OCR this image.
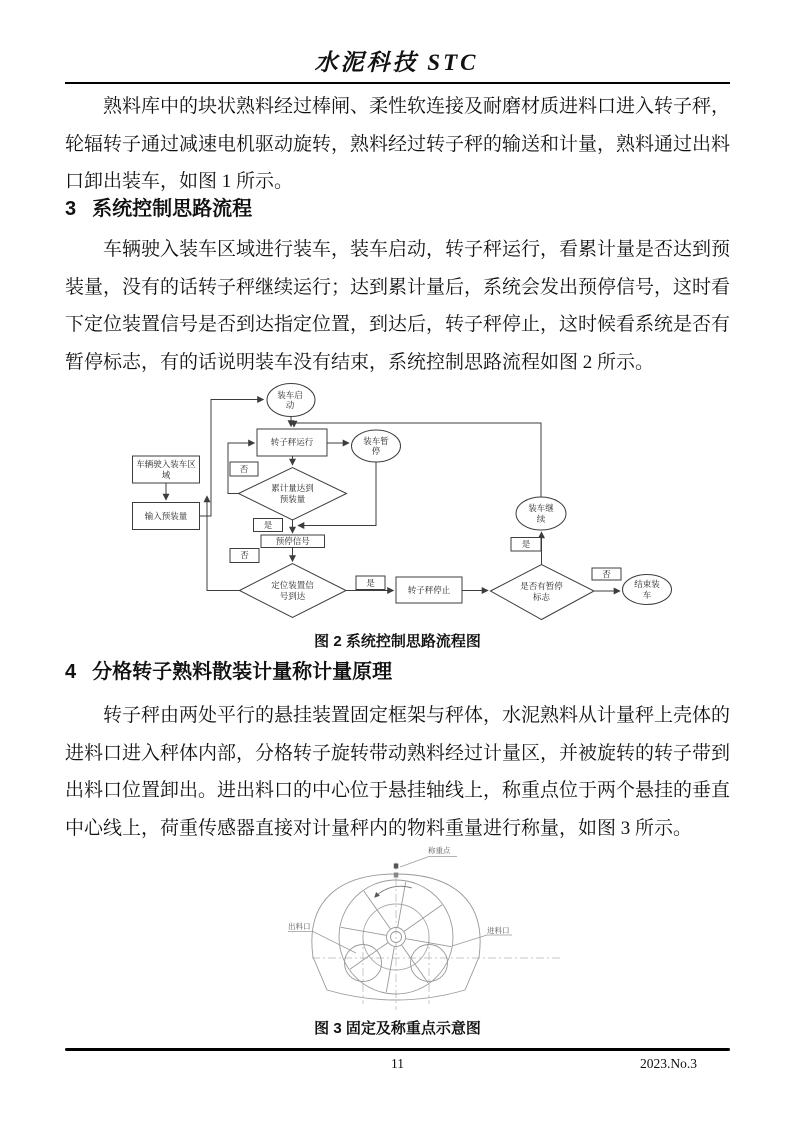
水泥科技 STC
熟料库中的块状熟料经过棒闸、柔性软连接及耐磨材质进料口进入转子秤，
轮辐转子通过减速电机驱动旋转，熟料经过转子秤的输送和计量，熟料通过出料
口卸出装车，如图 1 所示。
3 系统控制思路流程
车辆驶入装车区域进行装车，装车启动，转子秤运行，看累计量是否达到预
装量，没有的话转子秤继续运行；达到累计量后，系统会发出预停信号，这时看
下定位装置信号是否到达指定位置，到达后，转子秤停止，这时候看系统是否有
暂停标志，有的话说明装车没有结束，系统控制思路流程如图 2 所示。
装车启动
转子秤运行	装车暂停
车辆驶入装车区域
输入预装量
累计量达到预装量
预停信号
定位装置信号到达
转子秤停止	是否有暂停标志
装车继续
结束装车
否
是
否
是
是
否
图 2 系统控制思路流程图
4 分格转子熟料散装计量称计量原理
转子秤由两处平行的悬挂装置固定框架与秤体，水泥熟料从计量秤上壳体的
进料口进入秤体内部，分格转子旋转带动熟料经过计量区，并被旋转的转子带到
出料口位置卸出。进出料口的中心位于悬挂轴线上，称重点位于两个悬挂的垂直
中心线上，荷重传感器直接对计量秤内的物料重量进行称量，如图 3 所示。
称重点
出料口	进料口
图 3 固定及称重点示意图
11	2023.No.3
